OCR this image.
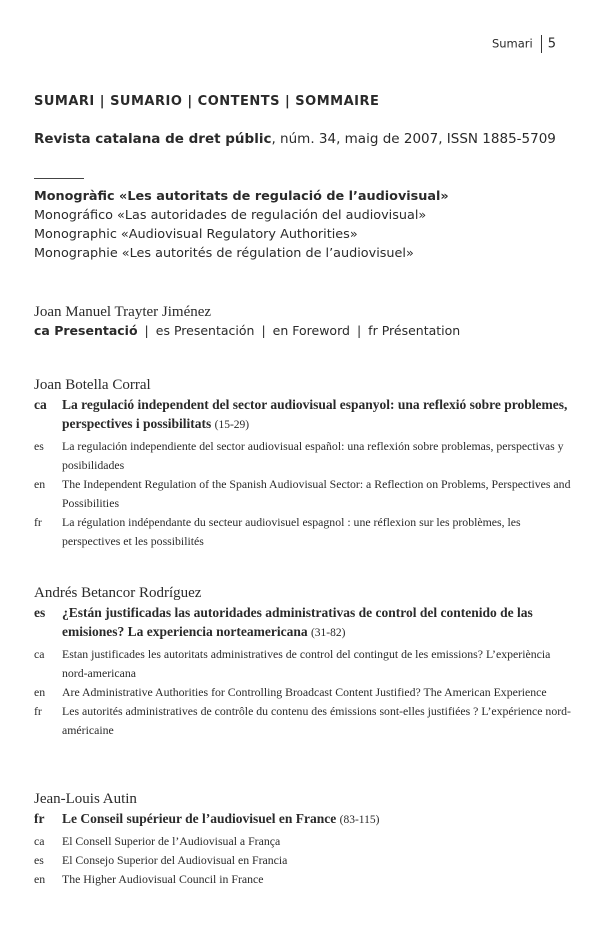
Sumari 5
SUMARI | SUMARIO | CONTENTS | SOMMAIRE
Revista catalana de dret públic, núm. 34, maig de 2007, ISSN 1885-5709
Monogràfic «Les autoritats de regulació de l’audiovisual»
Monográfico «Las autoridades de regulación del audiovisual»
Monographic «Audiovisual Regulatory Authorities»
Monographie «Les autorités de régulation de l’audiovisuel»
Joan Manuel Trayter Jiménez
ca Presentació | es Presentación | en Foreword | fr Présentation
Joan Botella Corral
ca La regulació independent del sector audiovisual espanyol: una reflexió sobre problemes, perspectives i possibilitats (15-29)
es La regulación independiente del sector audiovisual español: una reflexión sobre problemas, perspectivas y posibilidades
en The Independent Regulation of the Spanish Audiovisual Sector: a Reflection on Problems, Perspectives and Possibilities
fr La régulation indépendante du secteur audiovisuel espagnol : une réflexion sur les problèmes, les perspectives et les possibilités
Andrés Betancor Rodríguez
es ¿Están justificadas las autoridades administrativas de control del contenido de las emisiones? La experiencia norteamericana (31-82)
ca Estan justificades les autoritats administratives de control del contingut de les emissions? L’experiència nord-americana
en Are Administrative Authorities for Controlling Broadcast Content Justified? The American Experience
fr Les autorités administratives de contrôle du contenu des émissions sont-elles justifiées ? L’expérience nord-américaine
Jean-Louis Autin
fr Le Conseil supérieur de l’audiovisuel en France (83-115)
ca El Consell Superior de l’Audiovisual a França
es El Consejo Superior del Audiovisual en Francia
en The Higher Audiovisual Council in France
